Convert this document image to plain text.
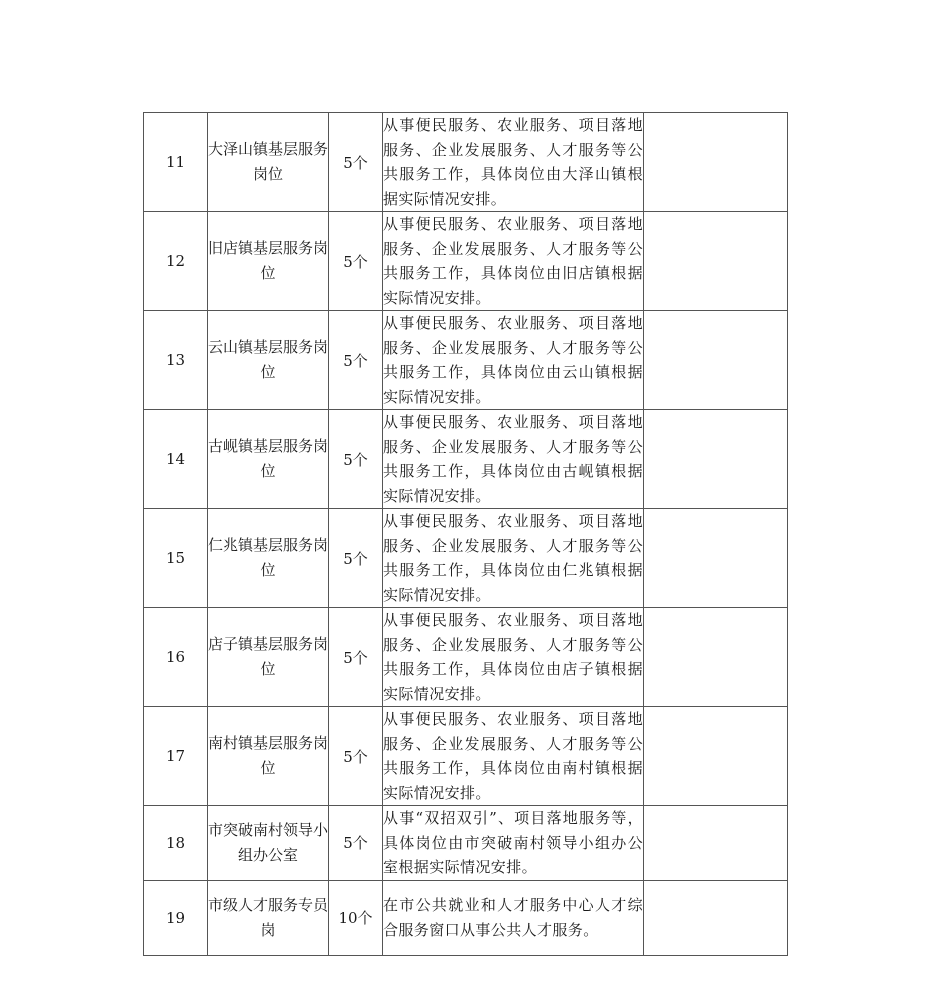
11	大泽山镇基层服务岗位	5个	从事便民服务、农业服务、项目落地服务、企业发展服务、人才服务等公共服务工作，具体岗位由大泽山镇根据实际情况安排。	
12	旧店镇基层服务岗位	5个	从事便民服务、农业服务、项目落地服务、企业发展服务、人才服务等公共服务工作，具体岗位由旧店镇根据实际情况安排。	
13	云山镇基层服务岗位	5个	从事便民服务、农业服务、项目落地服务、企业发展服务、人才服务等公共服务工作，具体岗位由云山镇根据实际情况安排。	
14	古岘镇基层服务岗位	5个	从事便民服务、农业服务、项目落地服务、企业发展服务、人才服务等公共服务工作，具体岗位由古岘镇根据实际情况安排。	
15	仁兆镇基层服务岗位	5个	从事便民服务、农业服务、项目落地服务、企业发展服务、人才服务等公共服务工作，具体岗位由仁兆镇根据实际情况安排。	
16	店子镇基层服务岗位	5个	从事便民服务、农业服务、项目落地服务、企业发展服务、人才服务等公共服务工作，具体岗位由店子镇根据实际情况安排。	
17	南村镇基层服务岗位	5个	从事便民服务、农业服务、项目落地服务、企业发展服务、人才服务等公共服务工作，具体岗位由南村镇根据实际情况安排。	
18	市突破南村领导小组办公室	5个	从事“双招双引”、项目落地服务等，具体岗位由市突破南村领导小组办公室根据实际情况安排。	
19	市级人才服务专员岗	10个	在市公共就业和人才服务中心人才综合服务窗口从事公共人才服务。	
